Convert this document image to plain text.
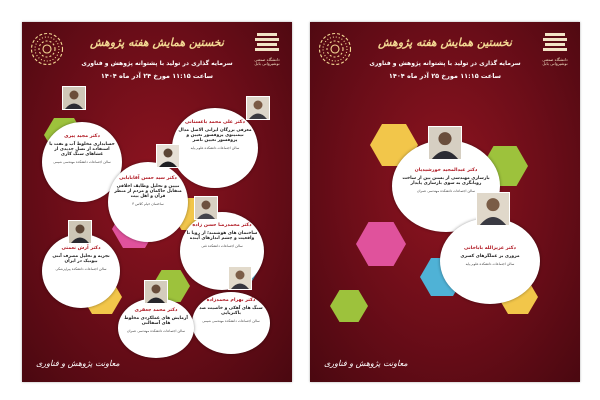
دانشگاه صنعتی نوشیروانی بابل
نخستین همایش هفته پژوهش
سرمایه گذاری در تولید با پشتوانه پژوهش و فناوری
ساعت ۱۱:۱۵ مورخ ۲۴ آذر ماه ۱۴۰۴
دکتر مجید پیری
حسابداری مخلوط آب و نفت با استفاده از نسل جدیدی از غشاهای سنگ کاری
سالن اجتماعات دانشکده مهندسی شیمی
دکتر علی محمد باغستانی
معرفی بزرگان ایرانی الاصل مدال تیمنیتوی پروفسور تعیین و پروفسور تعیین ناصر
سالن اجتماعات دانشکده علوم پایه
دکتر سید حسن آقابابایی
تبیین و تحلیل وظایف اخلاقی متقابل حاکمان و مردم از منظر قرآن و اهل بیت
ساختمان خیام کلاس ۳
دکتر محمدرضا حسن زاده
ساختمان های هوشمند؛ از رویا تا واقعیت و چشم اندازهای آینده
سالن اجتماعات دانشکده فنی
دکتر آرش نعمتی
تجزیه و تحلیل مصرف آنتی بیوتیک در ایران
سالن اجتماعات دانشکده پیراپزشکی
دکتر بهرام محمدزاده
سنگ های آهکی و خاصیت ضد باکتریایی
سالن اجتماعات دانشکده مهندسی شیمی
دکتر محمد جعفری
آزمایش های عملکردی مخلوط های آسفالتی
سالن اجتماعات دانشکده مهندسی عمران
معاونت پژوهش و فناوری
دانشگاه صنعتی نوشیروانی بابل
نخستین همایش هفته پژوهش
سرمایه گذاری در تولید با پشتوانه پژوهش و فناوری
ساعت ۱۱:۱۵ مورخ ۲۵ آذر ماه ۱۴۰۴
دکتر عبدالمجید خورشیدیان
بازسازی مهندسی از بستن بین از ساخت روبانگری به سوی بازسازی پایدار
سالن اجتماعات دانشکده مهندسی عمران
دکتر عزیزالله باباخانی
مروری بر عملگرهای کسری
سالن اجتماعات دانشکده علوم پایه
معاونت پژوهش و فناوری
